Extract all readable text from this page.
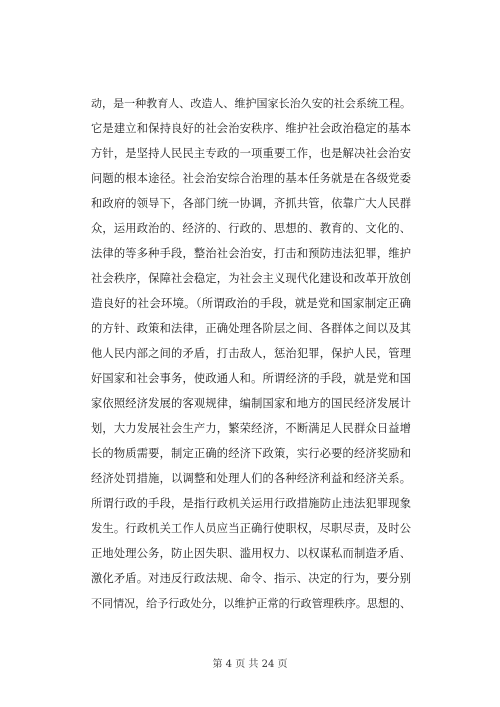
动，是一种教育人、改造人、维护国家长治久安的社会系统工程。
它是建立和保持良好的社会治安秩序、维护社会政治稳定的基本
方针，是坚持人民民主专政的一项重要工作，也是解决社会治安
问题的根本途径。社会治安综合治理的基本任务就是在各级党委
和政府的领导下，各部门统一协调，齐抓共管，依靠广大人民群
众，运用政治的、经济的、行政的、思想的、教育的、文化的、
法律的等多种手段，整治社会治安，打击和预防违法犯罪，维护
社会秩序，保障社会稳定，为社会主义现代化建设和改革开放创
造良好的社会环境。（所谓政治的手段，就是党和国家制定正确
的方针、政策和法律，正确处理各阶层之间、各群体之间以及其
他人民内部之间的矛盾，打击敌人，惩治犯罪，保护人民，管理
好国家和社会事务，使政通人和。所谓经济的手段，就是党和国
家依照经济发展的客观规律，编制国家和地方的国民经济发展计
划，大力发展社会生产力，繁荣经济，不断满足人民群众日益增
长的物质需要，制定正确的经济下政策，实行必要的经济奖励和
经济处罚措施，以调整和处理人们的各种经济利益和经济关系。
所谓行政的手段，是指行政机关运用行政措施防止违法犯罪现象
发生。行政机关工作人员应当正确行使职权，尽职尽责，及时公
正地处理公务，防止因失职、滥用权力、以权谋私而制造矛盾、
激化矛盾。对违反行政法规、命令、指示、决定的行为，要分别
不同情况，给予行政处分，以维护正常的行政管理秩序。思想的、
第 4 页 共 24 页
